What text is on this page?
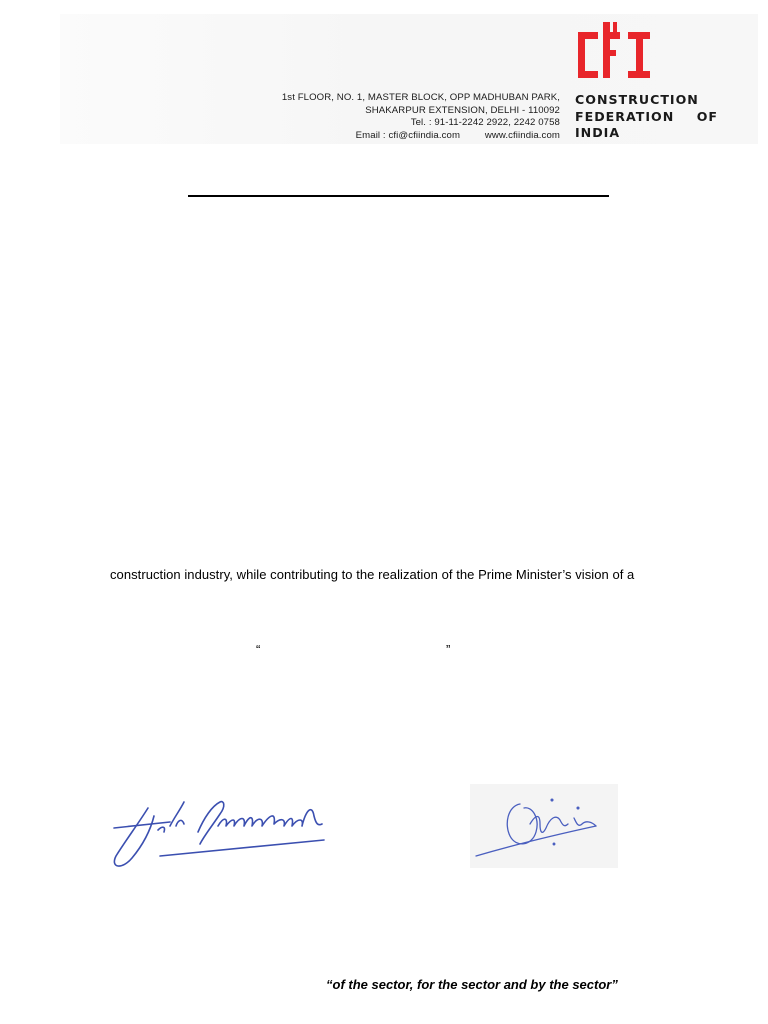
1st FLOOR, NO. 1, MASTER BLOCK, OPP MADHUBAN PARK,
SHAKARPUR EXTENSION, DELHI - 110092
Tel. : 91-11-2242 2922, 2242 0758
Email : cfi@cfiindia.com	www.cfiindia.com
CONSTRUCTION
FEDERATION OF
INDIA
construction industry, while contributing to the realization of the Prime Minister’s vision of a
“	”
“of the sector, for the sector and by the sector”
